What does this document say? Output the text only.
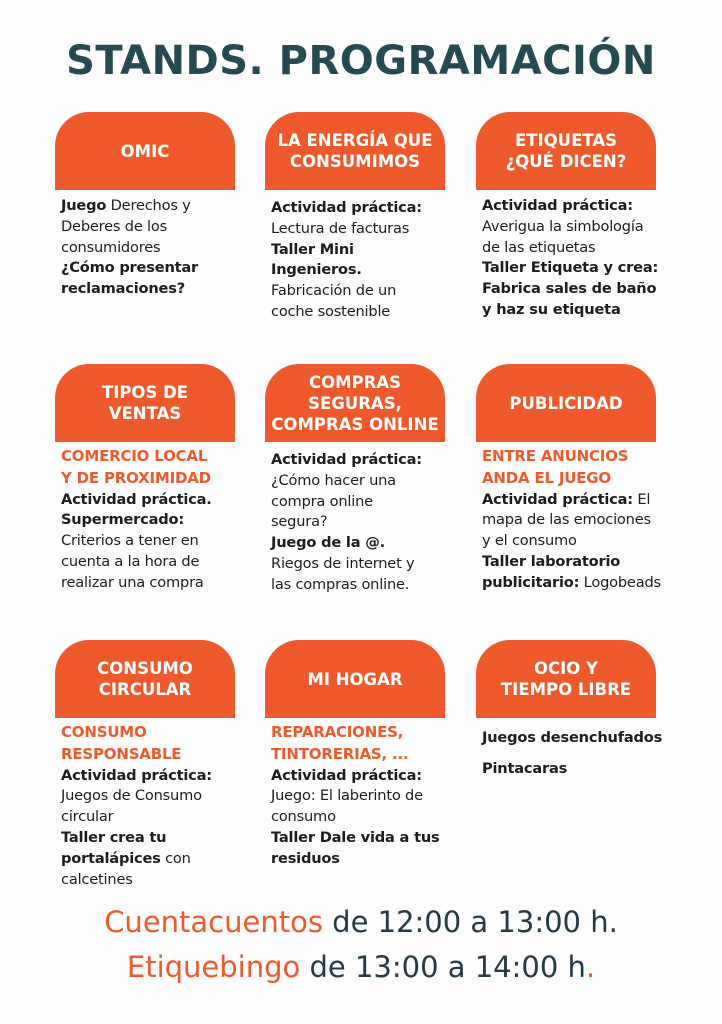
STANDS. PROGRAMACIÓN
OMIC
Juego Derechos y
Deberes de los
consumidores
¿Cómo presentar
reclamaciones?
LA ENERGÍA QUE
CONSUMIMOS
Actividad práctica:
Lectura de facturas
Taller Mini
Ingenieros.
Fabricación de un
coche sostenible
ETIQUETAS
¿QUÉ DICEN?
Actividad práctica:
Averigua la simbología
de las etiquetas
Taller Etiqueta y crea:
Fabrica sales de baño
y haz su etiqueta
TIPOS DE
VENTAS
COMERCIO LOCAL
Y DE PROXIMIDAD
Actividad práctica.
Supermercado:
Criterios a tener en
cuenta a la hora de
realizar una compra
COMPRAS
SEGURAS,
COMPRAS ONLINE
Actividad práctica:
¿Cómo hacer una
compra online
segura?
Juego de la @.
Riegos de internet y
las compras online.
PUBLICIDAD
ENTRE ANUNCIOS
ANDA EL JUEGO
Actividad práctica: El
mapa de las emociones
y el consumo
Taller laboratorio
publicitario: Logobeads
CONSUMO
CIRCULAR
CONSUMO
RESPONSABLE
Actividad práctica:
Juegos de Consumo
circular
Taller crea tu
portalápices con
calcetines
MI HOGAR
REPARACIONES,
TINTORERIAS, ...
Actividad práctica:
Juego: El laberinto de
consumo
Taller Dale vida a tus
residuos
OCIO Y
TIEMPO LIBRE
Juegos desenchufados
Pintacaras
Cuentacuentos de 12:00 a 13:00 h.
Etiquebingo de 13:00 a 14:00 h.
